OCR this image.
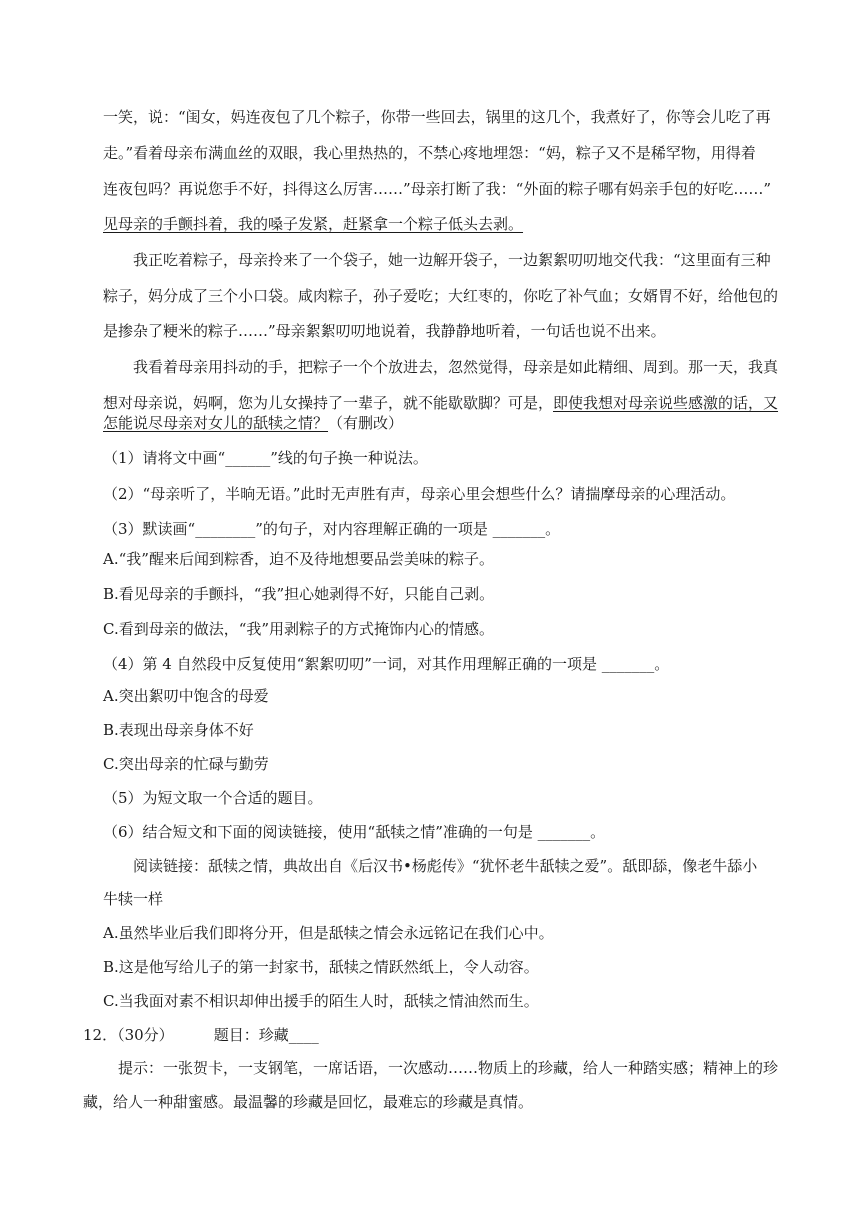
一笑，说：“闺女，妈连夜包了几个粽子，你带一些回去，锅里的这几个，我煮好了，你等会儿吃了再
走。”看着母亲布满血丝的双眼，我心里热热的，不禁心疼地埋怨：“妈，粽子又不是稀罕物，用得着
连夜包吗？再说您手不好，抖得这么厉害……”母亲打断了我：“外面的粽子哪有妈亲手包的好吃……”
见母亲的手颤抖着，我的嗓子发紧，赶紧拿一个粽子低头去剥。
我正吃着粽子，母亲拎来了一个袋子，她一边解开袋子，一边絮絮叨叨地交代我：“这里面有三种
粽子，妈分成了三个小口袋。咸肉粽子，孙子爱吃；大红枣的，你吃了补气血；女婿胃不好，给他包的
是掺杂了粳米的粽子……”母亲絮絮叨叨地说着，我静静地听着，一句话也说不出来。
我看着母亲用抖动的手，把粽子一个个放进去，忽然觉得，母亲是如此精细、周到。那一天，我真
想对母亲说，妈啊，您为儿女操持了一辈子，就不能歇歇脚？可是，即使我想对母亲说些感激的话，又
怎能说尽母亲对女儿的舐犊之情？（有删改）
（1）请将文中画“______”线的句子换一种说法。
（2）“母亲听了，半晌无语。”此时无声胜有声，母亲心里会想些什么？请揣摩母亲的心理活动。
（3）默读画“________”的句子，对内容理解正确的一项是 _______。
A.“我”醒来后闻到粽香，迫不及待地想要品尝美味的粽子。
B.看见母亲的手颤抖，“我”担心她剥得不好，只能自己剥。
C.看到母亲的做法，“我”用剥粽子的方式掩饰内心的情感。
（4）第 4 自然段中反复使用“絮絮叨叨”一词，对其作用理解正确的一项是 _______。
A.突出絮叨中饱含的母爱
B.表现出母亲身体不好
C.突出母亲的忙碌与勤劳
（5）为短文取一个合适的题目。
（6）结合短文和下面的阅读链接，使用“舐犊之情”准确的一句是 _______。
阅读链接：舐犊之情，典故出自《后汉书•杨彪传》“犹怀老牛舐犊之爱”。舐即舔，像老牛舔小
牛犊一样
A.虽然毕业后我们即将分开，但是舐犊之情会永远铭记在我们心中。
B.这是他写给儿子的第一封家书，舐犊之情跃然纸上，令人动容。
C.当我面对素不相识却伸出援手的陌生人时，舐犊之情油然而生。
12．（30分）	题目：珍藏____
提示：一张贺卡，一支钢笔，一席话语，一次感动……物质上的珍藏，给人一种踏实感；精神上的珍
藏，给人一种甜蜜感。最温馨的珍藏是回忆，最难忘的珍藏是真情。
